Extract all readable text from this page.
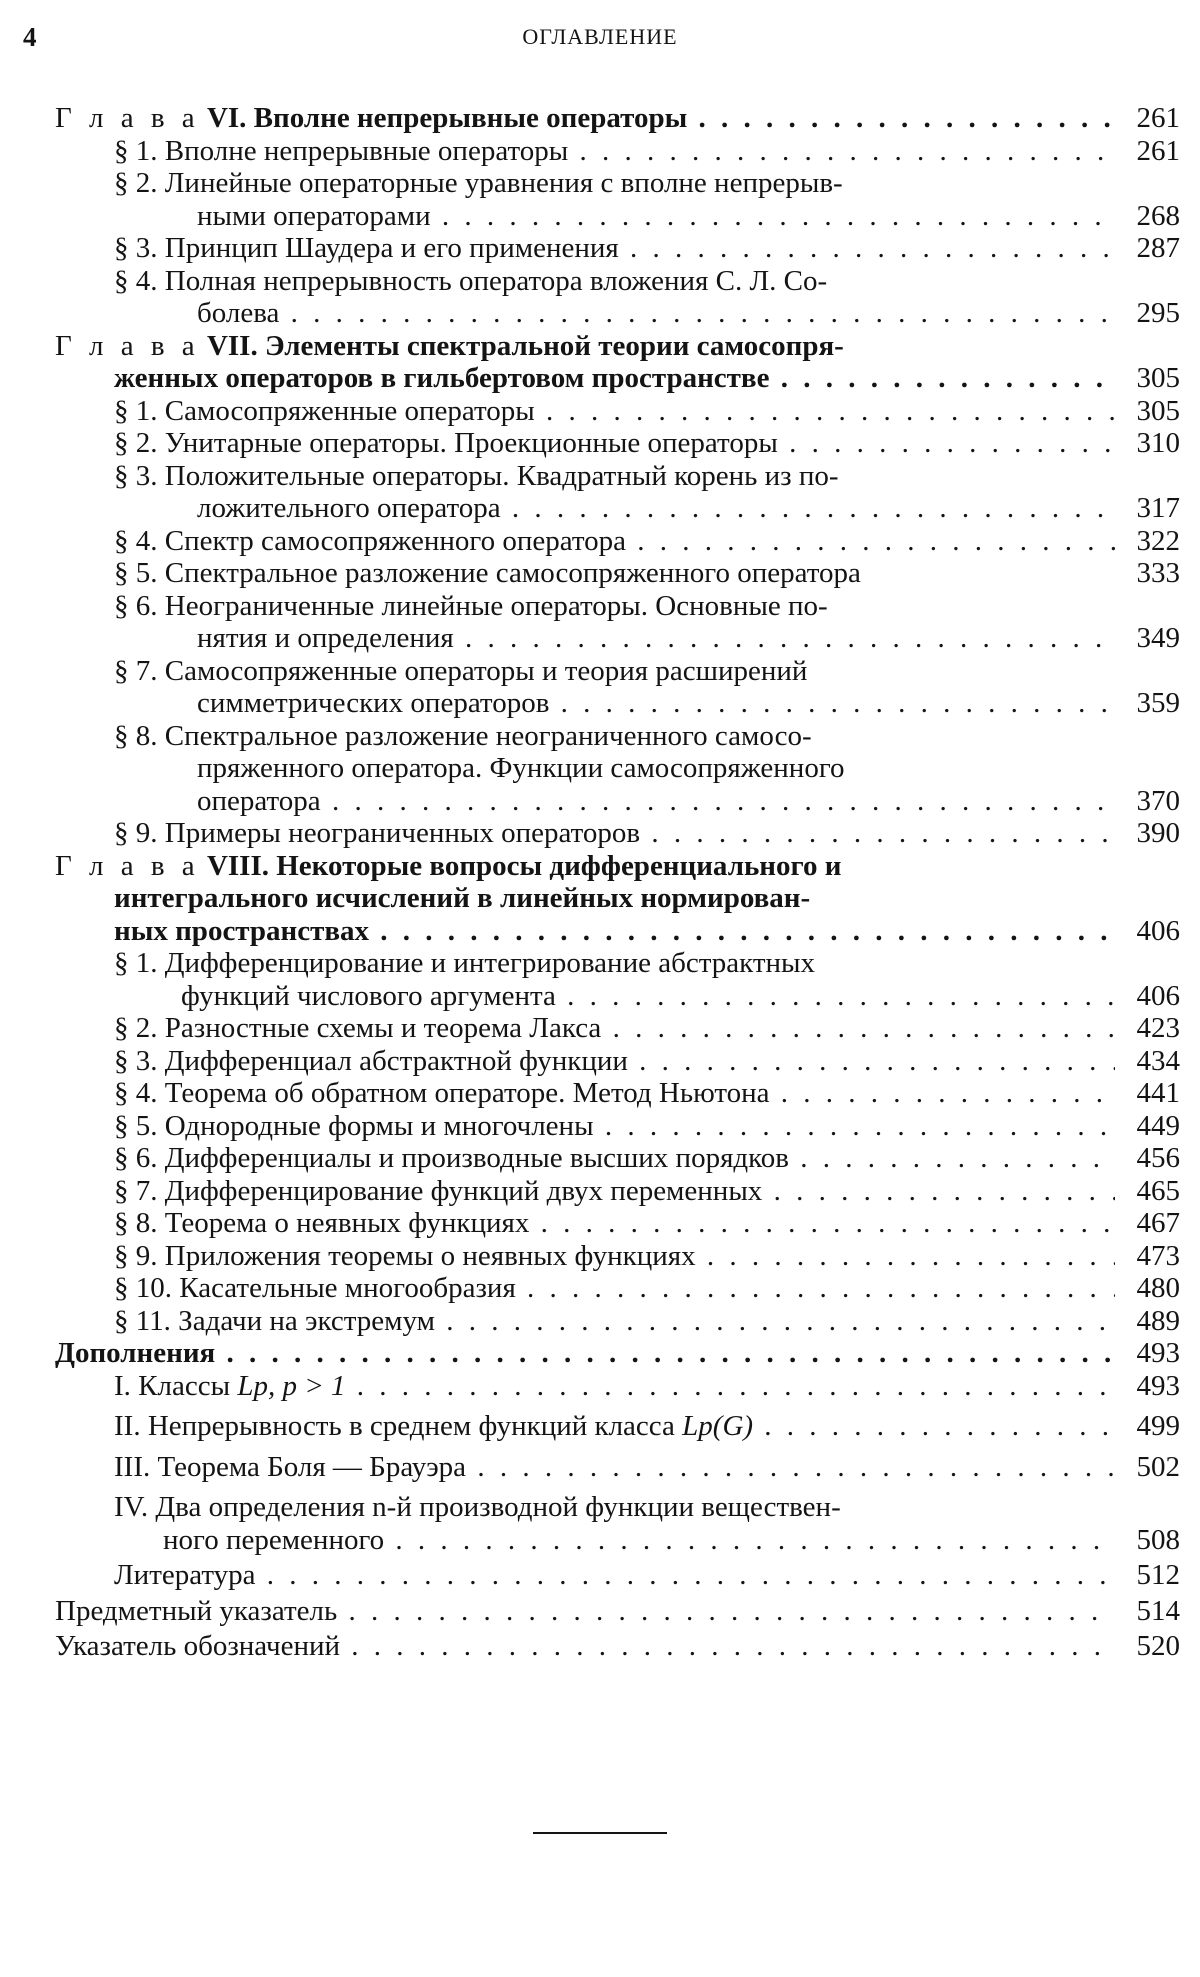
4	ОГЛАВЛЕНИЕ
Г л а в а VI. Вполне непрерывные операторы . . .	261
§ 1. Вполне непрерывные операторы . . .	261
§ 2. Линейные операторные уравнения с вполне непрерыв-
ными операторами . . .	268
§ 3. Принцип Шаудера и его применения . . .	287
§ 4. Полная непрерывность оператора вложения С. Л. Со-
болева . . .	295
Г л а в а VII. Элементы спектральной теории самосопря-
женных операторов в гильбертовом пространстве . . .	305
§ 1. Самосопряженные операторы . . .	305
§ 2. Унитарные операторы. Проекционные операторы . . .	310
§ 3. Положительные операторы. Квадратный корень из по-
ложительного оператора . . .	317
§ 4. Спектр самосопряженного оператора . . .	322
§ 5. Спектральное разложение самосопряженного оператора	333
§ 6. Неограниченные линейные операторы. Основные по-
нятия и определения . . .	349
§ 7. Самосопряженные операторы и теория расширений
симметрических операторов . . .	359
§ 8. Спектральное разложение неограниченного самосо-
пряженного оператора. Функции самосопряженного
оператора . . .	370
§ 9. Примеры неограниченных операторов . . .	390
Г л а в а VIII. Некоторые вопросы дифференциального и
интегрального исчислений в линейных нормирован-
ных пространствах . . .	406
§ 1. Дифференцирование и интегрирование абстрактных
функций числового аргумента . . .	406
§ 2. Разностные схемы и теорема Лакса . . .	423
§ 3. Дифференциал абстрактной функции . . .	434
§ 4. Теорема об обратном операторе. Метод Ньютона . . .	441
§ 5. Однородные формы и многочлены . . .	449
§ 6. Дифференциалы и производные высших порядков . . .	456
§ 7. Дифференцирование функций двух переменных . . .	465
§ 8. Теорема о неявных функциях . . .	467
§ 9. Приложения теоремы о неявных функциях . . .	473
§ 10. Касательные многообразия . . .	480
§ 11. Задачи на экстремум . . .	489
Дополнения . . .	493
I. Классы Lp, p > 1 . . .	493
II. Непрерывность в среднем функций класса Lp(G) . . .	499
III. Теорема Боля — Брауэра . . .	502
IV. Два определения n-й производной функции веществен-
ного переменного . . .	508
Литература . . .	512
Предметный указатель . . .	514
Указатель обозначений . . .	520
